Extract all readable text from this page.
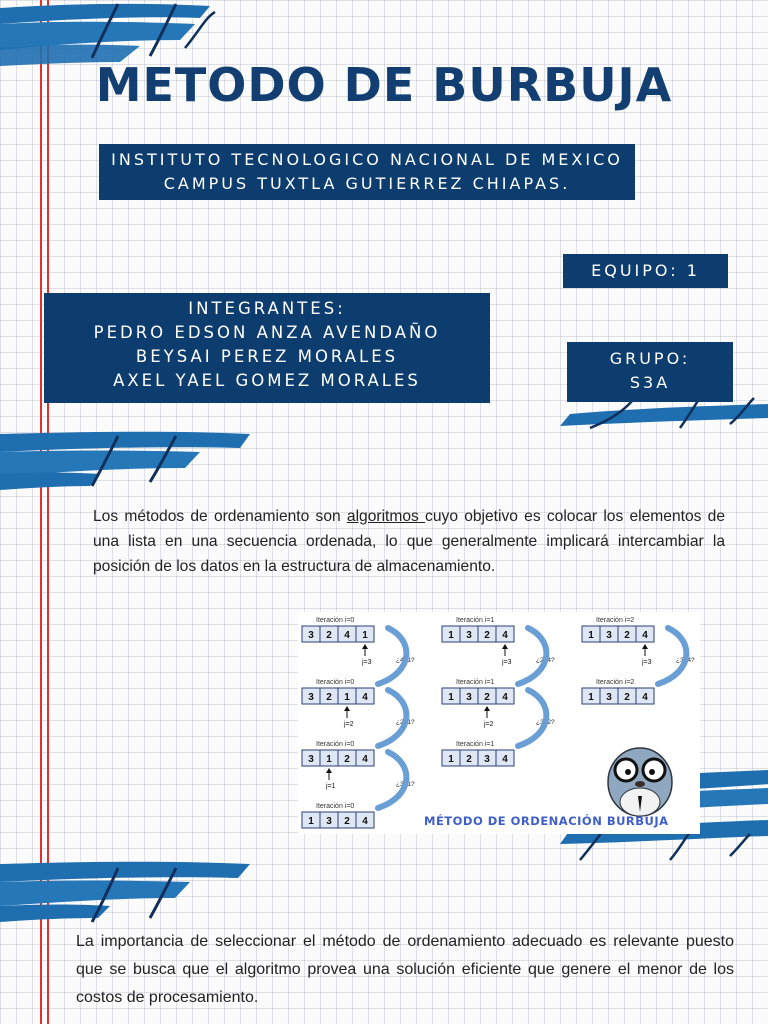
METODO DE BURBUJA
INSTITUTO TECNOLOGICO NACIONAL DE MEXICO
CAMPUS TUXTLA GUTIERREZ CHIAPAS.
EQUIPO: 1
INTEGRANTES:
PEDRO EDSON ANZA AVENDAÑO
BEYSAI PEREZ MORALES
AXEL YAEL GOMEZ MORALES
GRUPO:
S3A

Los métodos de ordenamiento son algoritmos cuyo objetivo es colocar los elementos de una lista en una secuencia ordenada, lo que generalmente implicará intercambiar la posición de los datos en la estructura de almacenamiento.

Iteración i=0
3 2 4 1
j=3	¿4>1?
Iteración i=0
3 2 1 4
j=2	¿2>1?
Iteración i=0
3 1 2 4
j=1	¿3>1?
Iteración i=0
1 3 2 4
Iteración i=1
1 3 2 4
j=3	¿2>4?
Iteración i=1
1 3 2 4
j=2	¿3>2?
Iteración i=1
1 2 3 4
Iteración i=2
1 3 2 4
j=3	¿3>4?
Iteración i=2
1 3 2 4
MÉTODO DE ORDENACIÓN BURBUJA

La importancia de seleccionar el método de ordenamiento adecuado es relevante puesto que se busca que el algoritmo provea una solución eficiente que genere el menor de los costos de procesamiento.
